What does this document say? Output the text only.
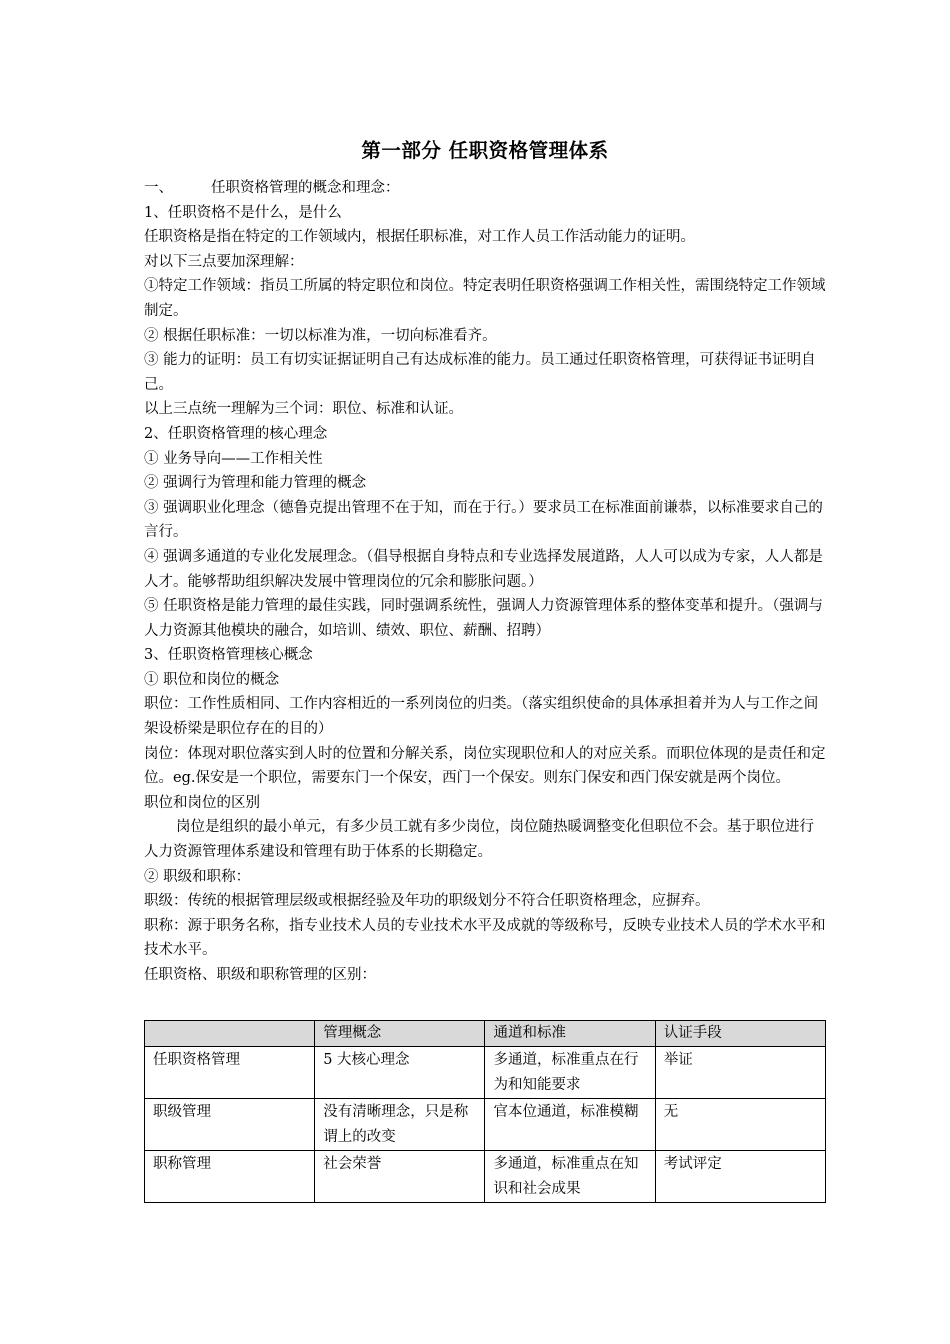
第一部分 任职资格管理体系

一、	任职资格管理的概念和理念：

1、任职资格不是什么，是什么

任职资格是指在特定的工作领域内，根据任职标准，对工作人员工作活动能力的证明。

对以下三点要加深理解：

①特定工作领域：指员工所属的特定职位和岗位。特定表明任职资格强调工作相关性，需围绕特定工作领域制定。

② 根据任职标准：一切以标准为准，一切向标准看齐。

③ 能力的证明：员工有切实证据证明自己有达成标准的能力。员工通过任职资格管理，可获得证书证明自己。

以上三点统一理解为三个词：职位、标准和认证。

2、任职资格管理的核心理念

① 业务导向——工作相关性

② 强调行为管理和能力管理的概念

③ 强调职业化理念（德鲁克提出管理不在于知，而在于行。）要求员工在标准面前谦恭，以标准要求自己的言行。

④ 强调多通道的专业化发展理念。（倡导根据自身特点和专业选择发展道路，人人可以成为专家，人人都是人才。能够帮助组织解决发展中管理岗位的冗余和膨胀问题。）

⑤ 任职资格是能力管理的最佳实践，同时强调系统性，强调人力资源管理体系的整体变革和提升。（强调与人力资源其他模块的融合，如培训、绩效、职位、薪酬、招聘）

3、任职资格管理核心概念

① 职位和岗位的概念

职位：工作性质相同、工作内容相近的一系列岗位的归类。（落实组织使命的具体承担着并为人与工作之间架设桥梁是职位存在的目的）

岗位：体现对职位落实到人时的位置和分解关系，岗位实现职位和人的对应关系。而职位体现的是责任和定位。eg.保安是一个职位，需要东门一个保安，西门一个保安。则东门保安和西门保安就是两个岗位。

职位和岗位的区别

岗位是组织的最小单元，有多少员工就有多少岗位，岗位随热暖调整变化但职位不会。基于职位进行人力资源管理体系建设和管理有助于体系的长期稳定。

② 职级和职称：

职级：传统的根据管理层级或根据经验及年功的职级划分不符合任职资格理念，应摒弃。

职称：源于职务名称，指专业技术人员的专业技术水平及成就的等级称号，反映专业技术人员的学术水平和技术水平。

任职资格、职级和职称管理的区别：

	管理概念	通道和标准	认证手段
任职资格管理	5 大核心理念	多通道，标准重点在行为和知能要求	举证
职级管理	没有清晰理念，只是称谓上的改变	官本位通道，标准模糊	无
职称管理	社会荣誉	多通道，标准重点在知识和社会成果	考试评定
